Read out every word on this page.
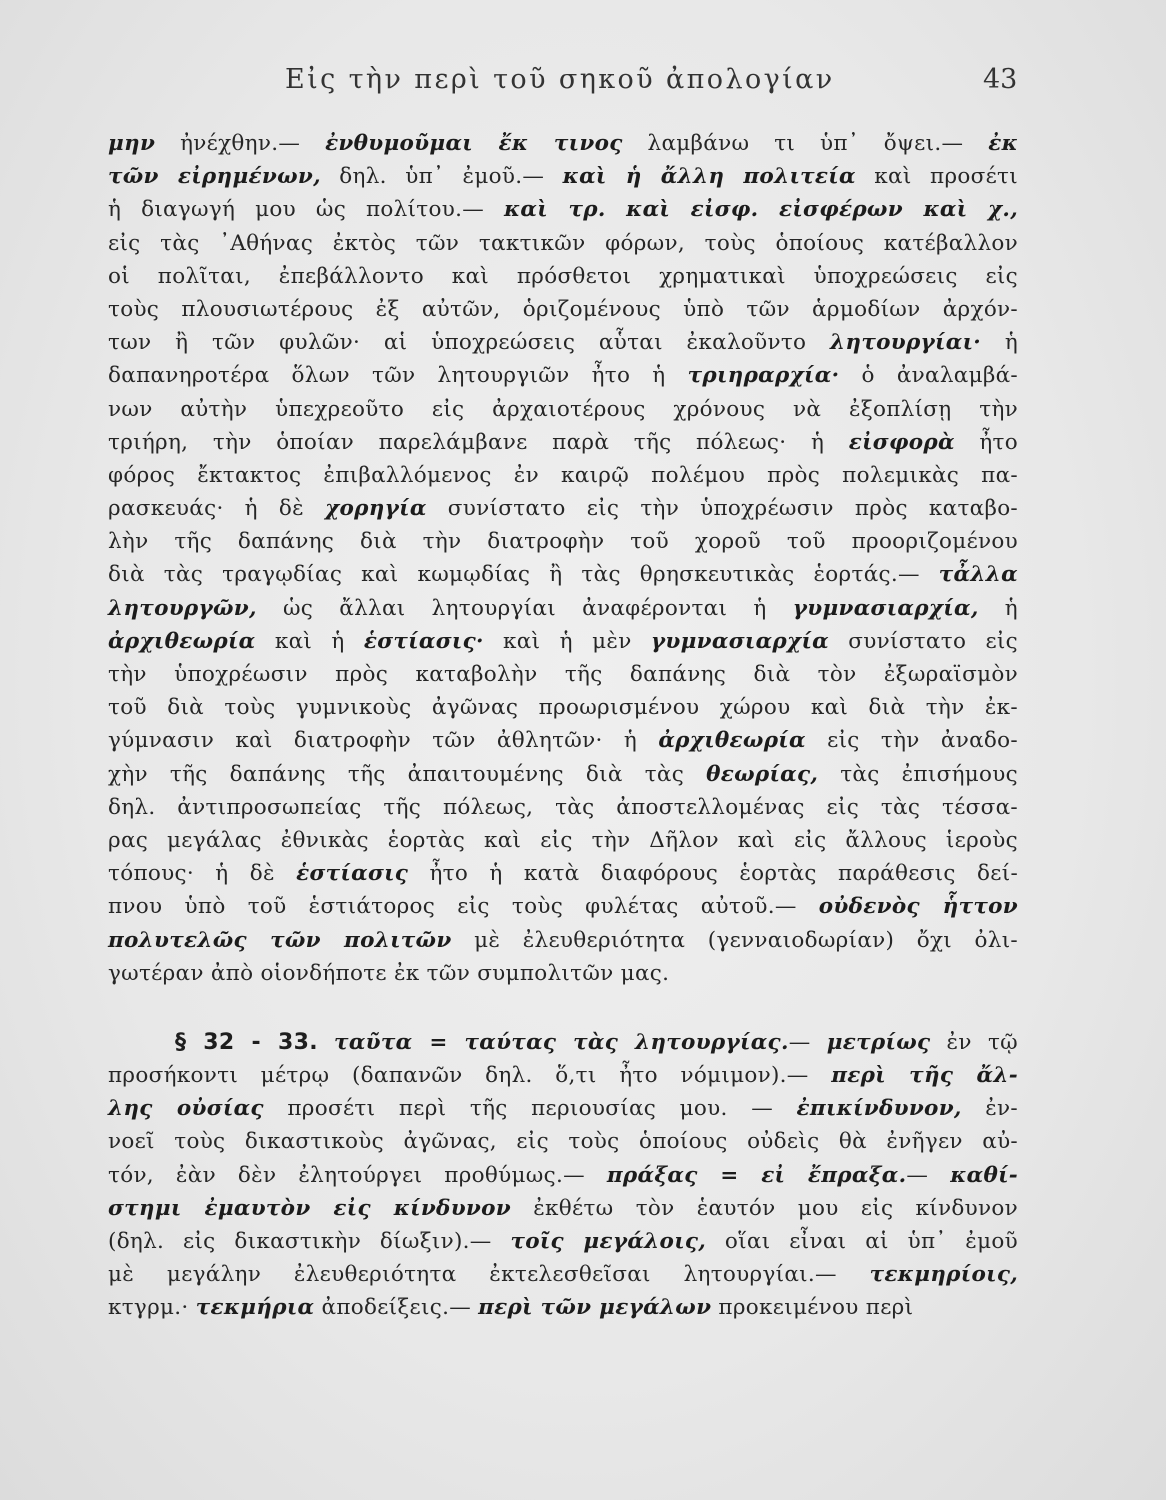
Εἰς τὴν περὶ τοῦ σηκοῦ ἀπολογίαν	43
μην ἠνέχθην.— ἐνθυμοῦμαι ἔκ τινος λαμβάνω τι ὑπ᾽ ὄψει.— ἐκ
τῶν εἰρημένων, δηλ. ὑπ᾽ ἐμοῦ.— καὶ ἡ ἄλλη πολιτεία καὶ προσέτι
ἡ διαγωγή μου ὡς πολίτου.— καὶ τρ. καὶ εἰσφ. εἰσφέρων καὶ χ.,
εἰς τὰς ᾽Αθήνας ἐκτὸς τῶν τακτικῶν φόρων, τοὺς ὁποίους κατέβαλλον
οἱ πολῖται, ἐπεβάλλοντο καὶ πρόσθετοι χρηματικαὶ ὑποχρεώσεις εἰς
τοὺς πλουσιωτέρους ἐξ αὐτῶν, ὁριζομένους ὑπὸ τῶν ἁρμοδίων ἀρχόν-
των ἢ τῶν φυλῶν· αἱ ὑποχρεώσεις αὗται ἐκαλοῦντο λητουργίαι· ἡ
δαπανηροτέρα ὅλων τῶν λητουργιῶν ἦτο ἡ τριηραρχία· ὁ ἀναλαμβά-
νων αὐτὴν ὑπεχρεοῦτο εἰς ἀρχαιοτέρους χρόνους νὰ ἐξοπλίσῃ τὴν
τριήρη, τὴν ὁποίαν παρελάμβανε παρὰ τῆς πόλεως· ἡ εἰσφορὰ ἦτο
φόρος ἔκτακτος ἐπιβαλλόμενος ἐν καιρῷ πολέμου πρὸς πολεμικὰς πα-
ρασκευάς· ἡ δὲ χορηγία συνίστατο εἰς τὴν ὑποχρέωσιν πρὸς καταβο-
λὴν τῆς δαπάνης διὰ τὴν διατροφὴν τοῦ χοροῦ τοῦ προοριζομένου
διὰ τὰς τραγῳδίας καὶ κωμῳδίας ἢ τὰς θρησκευτικὰς ἑορτάς.— τἆλλα
λητουργῶν, ὡς ἄλλαι λητουργίαι ἀναφέρονται ἡ γυμνασιαρχία, ἡ
ἀρχιθεωρία καὶ ἡ ἑστίασις· καὶ ἡ μὲν γυμνασιαρχία συνίστατο εἰς
τὴν ὑποχρέωσιν πρὸς καταβολὴν τῆς δαπάνης διὰ τὸν ἐξωραϊσμὸν
τοῦ διὰ τοὺς γυμνικοὺς ἀγῶνας προωρισμένου χώρου καὶ διὰ τὴν ἐκ-
γύμνασιν καὶ διατροφὴν τῶν ἀθλητῶν· ἡ ἀρχιθεωρία εἰς τὴν ἀναδο-
χὴν τῆς δαπάνης τῆς ἀπαιτουμένης διὰ τὰς θεωρίας, τὰς ἐπισήμους
δηλ. ἀντιπροσωπείας τῆς πόλεως, τὰς ἀποστελλομένας εἰς τὰς τέσσα-
ρας μεγάλας ἐθνικὰς ἑορτὰς καὶ εἰς τὴν Δῆλον καὶ εἰς ἄλλους ἱεροὺς
τόπους· ἡ δὲ ἑστίασις ἦτο ἡ κατὰ διαφόρους ἑορτὰς παράθεσις δεί-
πνου ὑπὸ τοῦ ἑστιάτορος εἰς τοὺς φυλέτας αὐτοῦ.— οὐδενὸς ἧττον
πολυτελῶς τῶν πολιτῶν μὲ ἐλευθεριότητα (γενναιοδωρίαν) ὄχι ὀλι-
γωτέραν ἀπὸ οἱονδήποτε ἐκ τῶν συμπολιτῶν μας.
§ 32 - 33. ταῦτα = ταύτας τὰς λητουργίας.— μετρίως ἐν τῷ
προσήκοντι μέτρῳ (δαπανῶν δηλ. ὅ,τι ἦτο νόμιμον).— περὶ τῆς ἄλ-
λης οὐσίας προσέτι περὶ τῆς περιουσίας μου. — ἐπικίνδυνον, ἐν-
νοεῖ τοὺς δικαστικοὺς ἀγῶνας, εἰς τοὺς ὁποίους οὐδεὶς θὰ ἐνῆγεν αὐ-
τόν, ἐὰν δὲν ἐλητούργει προθύμως.— πράξας = εἰ ἔπραξα.— καθί-
στημι ἐμαυτὸν εἰς κίνδυνον ἐκθέτω τὸν ἑαυτόν μου εἰς κίνδυνον
(δηλ. εἰς δικαστικὴν δίωξιν).— τοῖς μεγάλοις, οἵαι εἶναι αἱ ὑπ᾽ ἐμοῦ
μὲ μεγάλην ἐλευθεριότητα ἐκτελεσθεῖσαι λητουργίαι.— τεκμηρίοις,
κτγρμ.· τεκμήρια ἀποδείξεις.— περὶ τῶν μεγάλων προκειμένου περὶ
